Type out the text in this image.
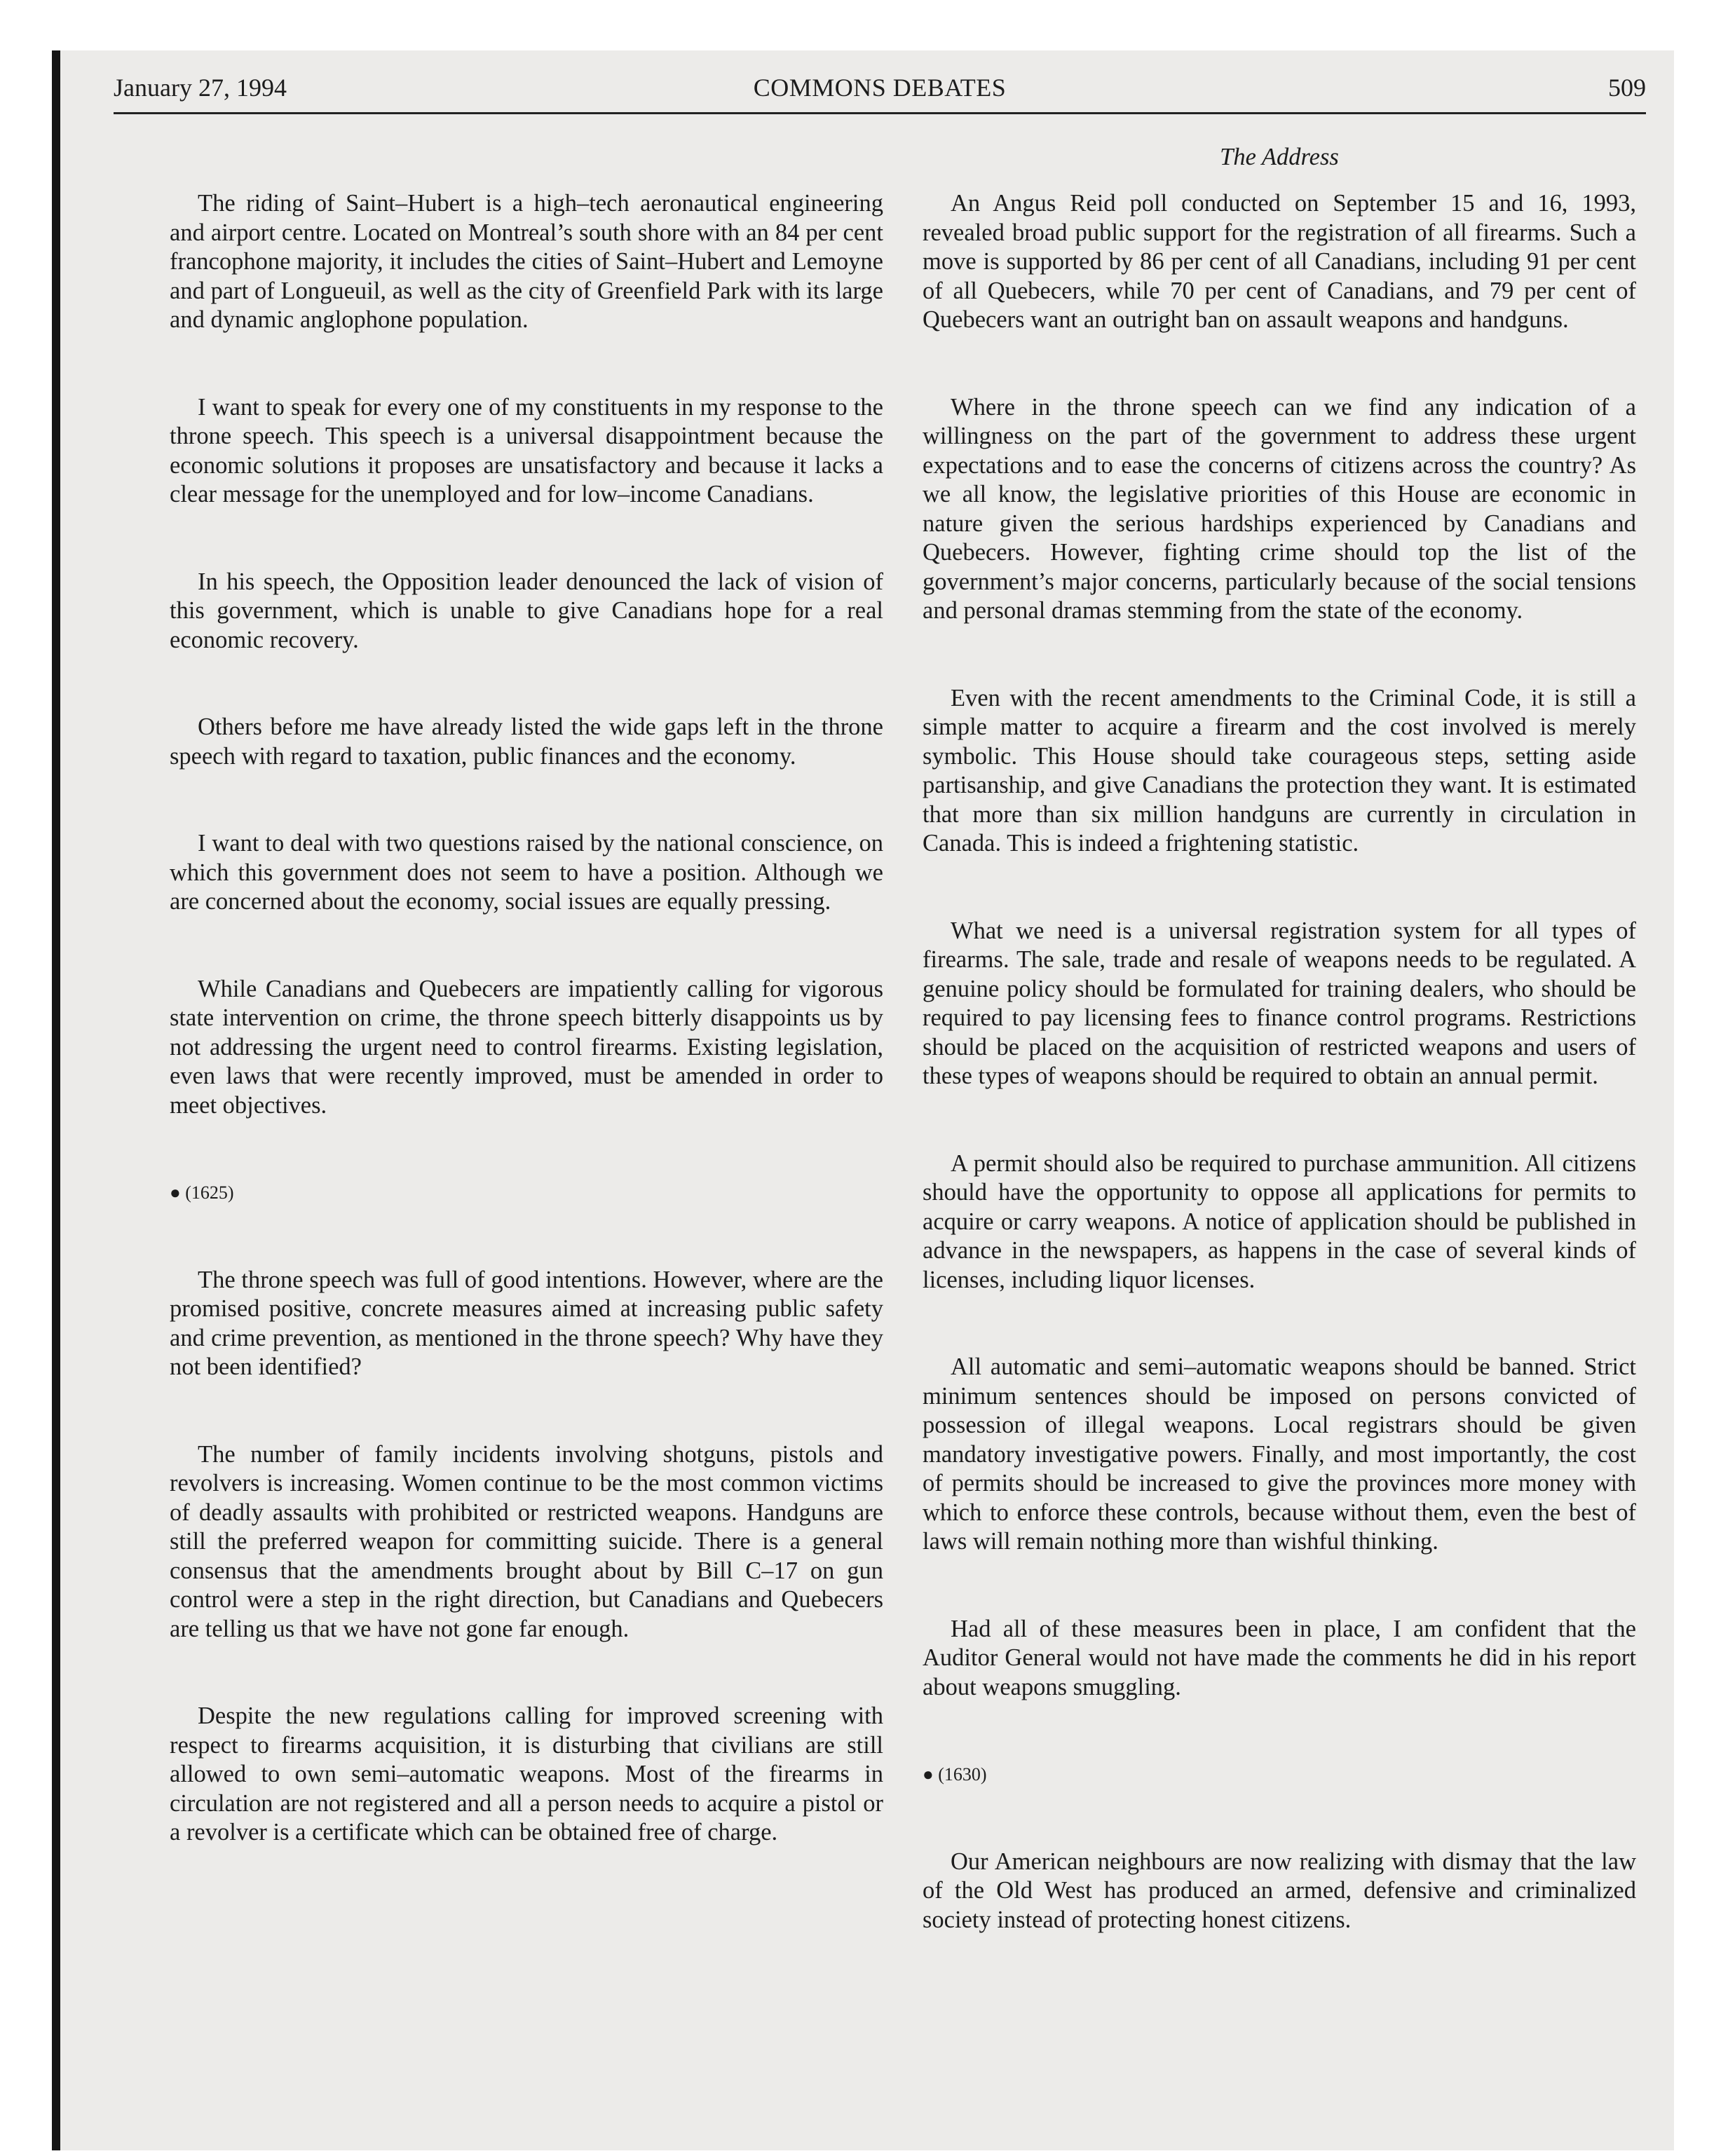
January 27, 1994	COMMONS DEBATES	509
The Address

The riding of Saint–Hubert is a high–tech aeronautical engineering and airport centre. Located on Montreal’s south shore with an 84 per cent francophone majority, it includes the cities of Saint–Hubert and Lemoyne and part of Longueuil, as well as the city of Greenfield Park with its large and dynamic anglophone population.

I want to speak for every one of my constituents in my response to the throne speech. This speech is a universal disappointment because the economic solutions it proposes are unsatisfactory and because it lacks a clear message for the unemployed and for low–income Canadians.

In his speech, the Opposition leader denounced the lack of vision of this government, which is unable to give Canadians hope for a real economic recovery.

Others before me have already listed the wide gaps left in the throne speech with regard to taxation, public finances and the economy.

I want to deal with two questions raised by the national conscience, on which this government does not seem to have a position. Although we are concerned about the economy, social issues are equally pressing.

While Canadians and Quebecers are impatiently calling for vigorous state intervention on crime, the throne speech bitterly disappoints us by not addressing the urgent need to control firearms. Existing legislation, even laws that were recently improved, must be amended in order to meet objectives.

● (1625)

The throne speech was full of good intentions. However, where are the promised positive, concrete measures aimed at increasing public safety and crime prevention, as mentioned in the throne speech? Why have they not been identified?

The number of family incidents involving shotguns, pistols and revolvers is increasing. Women continue to be the most common victims of deadly assaults with prohibited or restricted weapons. Handguns are still the preferred weapon for committing suicide. There is a general consensus that the amendments brought about by Bill C–17 on gun control were a step in the right direction, but Canadians and Quebecers are telling us that we have not gone far enough.

Despite the new regulations calling for improved screening with respect to firearms acquisition, it is disturbing that civilians are still allowed to own semi–automatic weapons. Most of the firearms in circulation are not registered and all a person needs to acquire a pistol or a revolver is a certificate which can be obtained free of charge.

An Angus Reid poll conducted on September 15 and 16, 1993, revealed broad public support for the registration of all firearms. Such a move is supported by 86 per cent of all Canadians, including 91 per cent of all Quebecers, while 70 per cent of Canadians, and 79 per cent of Quebecers want an outright ban on assault weapons and handguns.

Where in the throne speech can we find any indication of a willingness on the part of the government to address these urgent expectations and to ease the concerns of citizens across the country? As we all know, the legislative priorities of this House are economic in nature given the serious hardships experienced by Canadians and Quebecers. However, fighting crime should top the list of the government’s major concerns, particularly because of the social tensions and personal dramas stemming from the state of the economy.

Even with the recent amendments to the Criminal Code, it is still a simple matter to acquire a firearm and the cost involved is merely symbolic. This House should take courageous steps, setting aside partisanship, and give Canadians the protection they want. It is estimated that more than six million handguns are currently in circulation in Canada. This is indeed a frightening statistic.

What we need is a universal registration system for all types of firearms. The sale, trade and resale of weapons needs to be regulated. A genuine policy should be formulated for training dealers, who should be required to pay licensing fees to finance control programs. Restrictions should be placed on the acquisition of restricted weapons and users of these types of weapons should be required to obtain an annual permit.

A permit should also be required to purchase ammunition. All citizens should have the opportunity to oppose all applications for permits to acquire or carry weapons. A notice of application should be published in advance in the newspapers, as happens in the case of several kinds of licenses, including liquor licenses.

All automatic and semi–automatic weapons should be banned. Strict minimum sentences should be imposed on persons convicted of possession of illegal weapons. Local registrars should be given mandatory investigative powers. Finally, and most importantly, the cost of permits should be increased to give the provinces more money with which to enforce these controls, because without them, even the best of laws will remain nothing more than wishful thinking.

Had all of these measures been in place, I am confident that the Auditor General would not have made the comments he did in his report about weapons smuggling.

● (1630)

Our American neighbours are now realizing with dismay that the law of the Old West has produced an armed, defensive and criminalized society instead of protecting honest citizens.
